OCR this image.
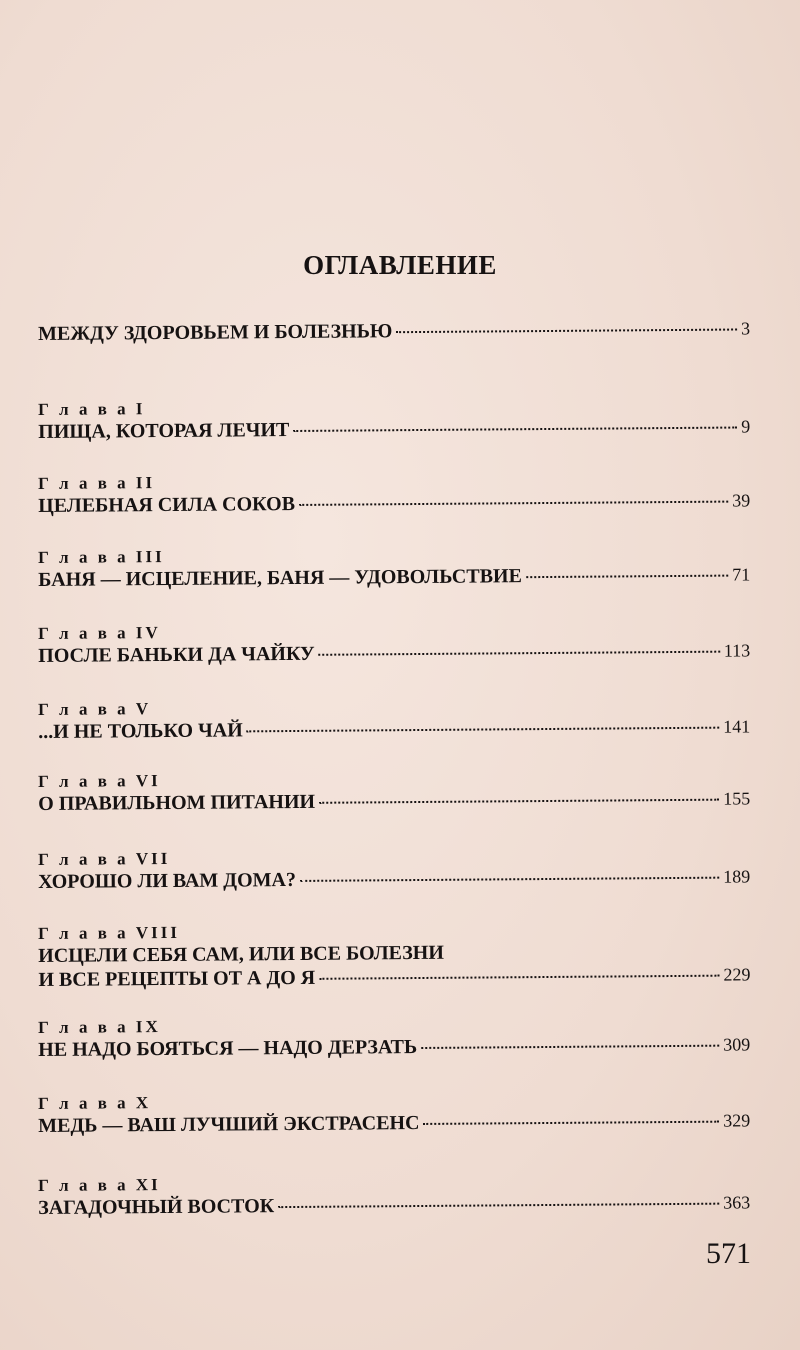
ОГЛАВЛЕНИЕ
МЕЖДУ ЗДОРОВЬЕМ И БОЛЕЗНЬЮ	3
Г л а в а I
ПИЩА, КОТОРАЯ ЛЕЧИТ	9
Г л а в а II
ЦЕЛЕБНАЯ СИЛА СОКОВ	39
Г л а в а III
БАНЯ — ИСЦЕЛЕНИЕ, БАНЯ — УДОВОЛЬСТВИЕ	71
Г л а в а IV
ПОСЛЕ БАНЬКИ ДА ЧАЙКУ	113
Г л а в а V
...И НЕ ТОЛЬКО ЧАЙ	141
Г л а в а VI
О ПРАВИЛЬНОМ ПИТАНИИ	155
Г л а в а VII
ХОРОШО ЛИ ВАМ ДОМА?	189
Г л а в а VIII
ИСЦЕЛИ СЕБЯ САМ, ИЛИ ВСЕ БОЛЕЗНИ
И ВСЕ РЕЦЕПТЫ ОТ А ДО Я	229
Г л а в а IX
НЕ НАДО БОЯТЬСЯ — НАДО ДЕРЗАТЬ	309
Г л а в а X
МЕДЬ — ВАШ ЛУЧШИЙ ЭКСТРАСЕНС	329
Г л а в а XI
ЗАГАДОЧНЫЙ ВОСТОК	363
571
